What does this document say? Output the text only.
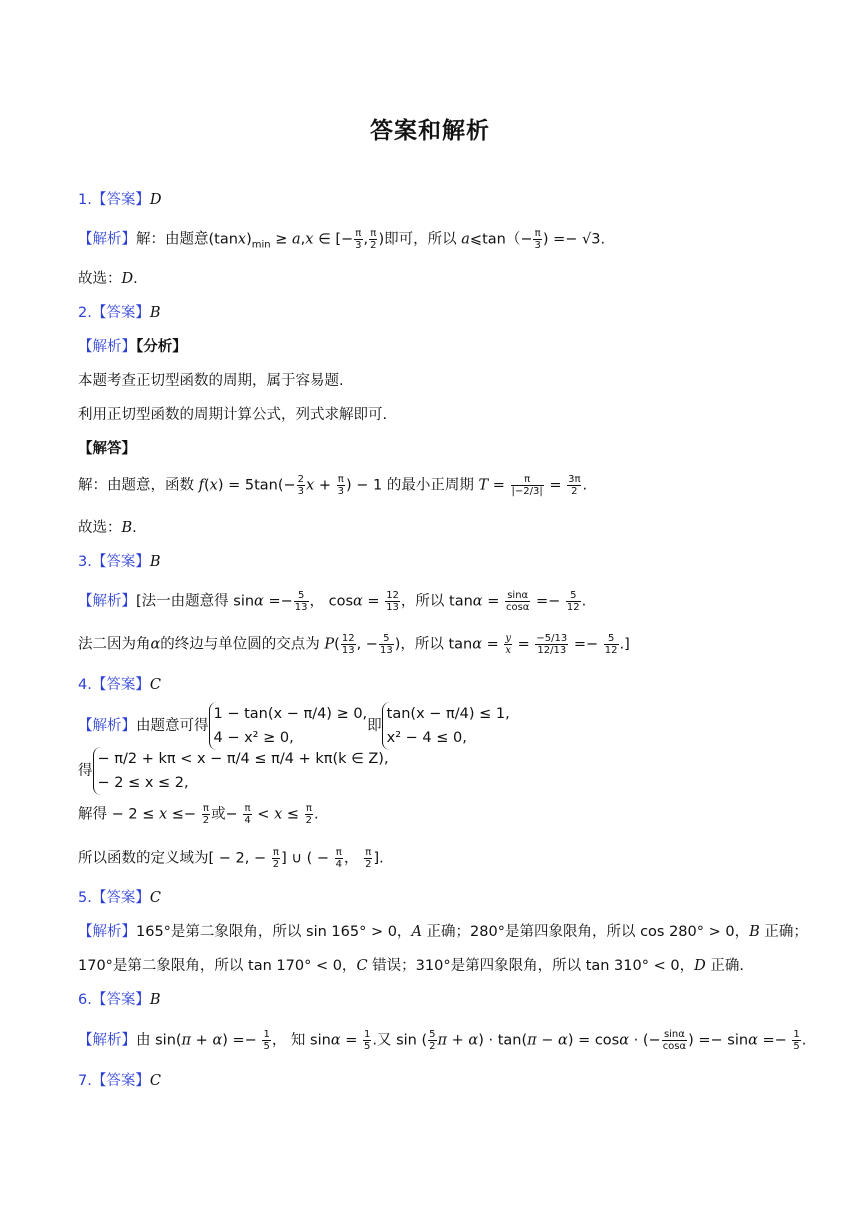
答案和解析
1.【答案】D
【解析】解：由题意$(\tan x)_{min} \ge a,x$ ∈ [− $\frac{\pi}{3}$ , $\frac{\pi}{2}$ )即可，所以 a⩽tan（− $\frac{\pi}{3}$ ) =− √3.
故选：D.
2.【答案】B
【解析】【分析】
本题考查正切型函数的周期，属于容易题.
利用正切型函数的周期计算公式，列式求解即可.
【解答】
解：由题意，函数 $f(x) = 5\tan(- \frac{2}{3}$ $x + \frac{\pi}{3}$ ) − 1 的最小正周期 $T = \frac{\pi}{|-2/3|} = \frac{3\pi}{2}$ .
故选：B.
3.【答案】B
【解析】[法一由题意得 $\sin\alpha =- \frac{5}{13}$ ， $\cos\alpha = \frac{12}{13}$ ，所以 $\tan\alpha = \frac{\sin\alpha}{\cos\alpha} =- \frac{5}{12}$ .
法二因为角α的终边与单位圆的交点为 $P( \frac{12}{13}$ , − $\frac{5}{13}$ )，所以 $\tan\alpha = \frac{y}{x} = \frac{-5/13}{12/13} =- \frac{5}{12}$ .]
4.【答案】C
【解析】由题意可得
1 − tan(x − π/4) ≥ 0,
4 − x² ≥ 0,
即
tan(x − π/4) ≤ 1,
x² − 4 ≤ 0,
得
− π/2 + kπ < x − π/4 ≤ π/4 + kπ(k ∈ Z),
− 2 ≤ x ≤ 2,
解得 − $2 \le x \le- \frac{\pi}{2}$ 或− $\frac{\pi}{4} < x \le \frac{\pi}{2}$ .
所以函数的定义域为[ − 2, − $\frac{\pi}{2}$ ] ∪ ( − $\frac{\pi}{4}$ ， $\frac{\pi}{2}$ ].
5.【答案】C
【解析】165°是第二象限角，所以 sin 165° > 0，A 正确；280°是第四象限角，所以 cos 280° > 0，B 正确；
170°是第二象限角，所以 tan 170° < 0，C 错误；310°是第四象限角，所以 tan 310° < 0，D 正确.
6.【答案】B
【解析】由 $\sin(\pi + \alpha) =- \frac{1}{5}$ ， 知 $\sin\alpha = \frac{1}{5}$ .又 sin ( $\frac{5}{2}$ π + α) · tan(π − α) = cosα · (− $\frac{\sin\alpha}{\cos\alpha}$ ) =− $\sin\alpha =- \frac{1}{5}$ .
7.【答案】C
